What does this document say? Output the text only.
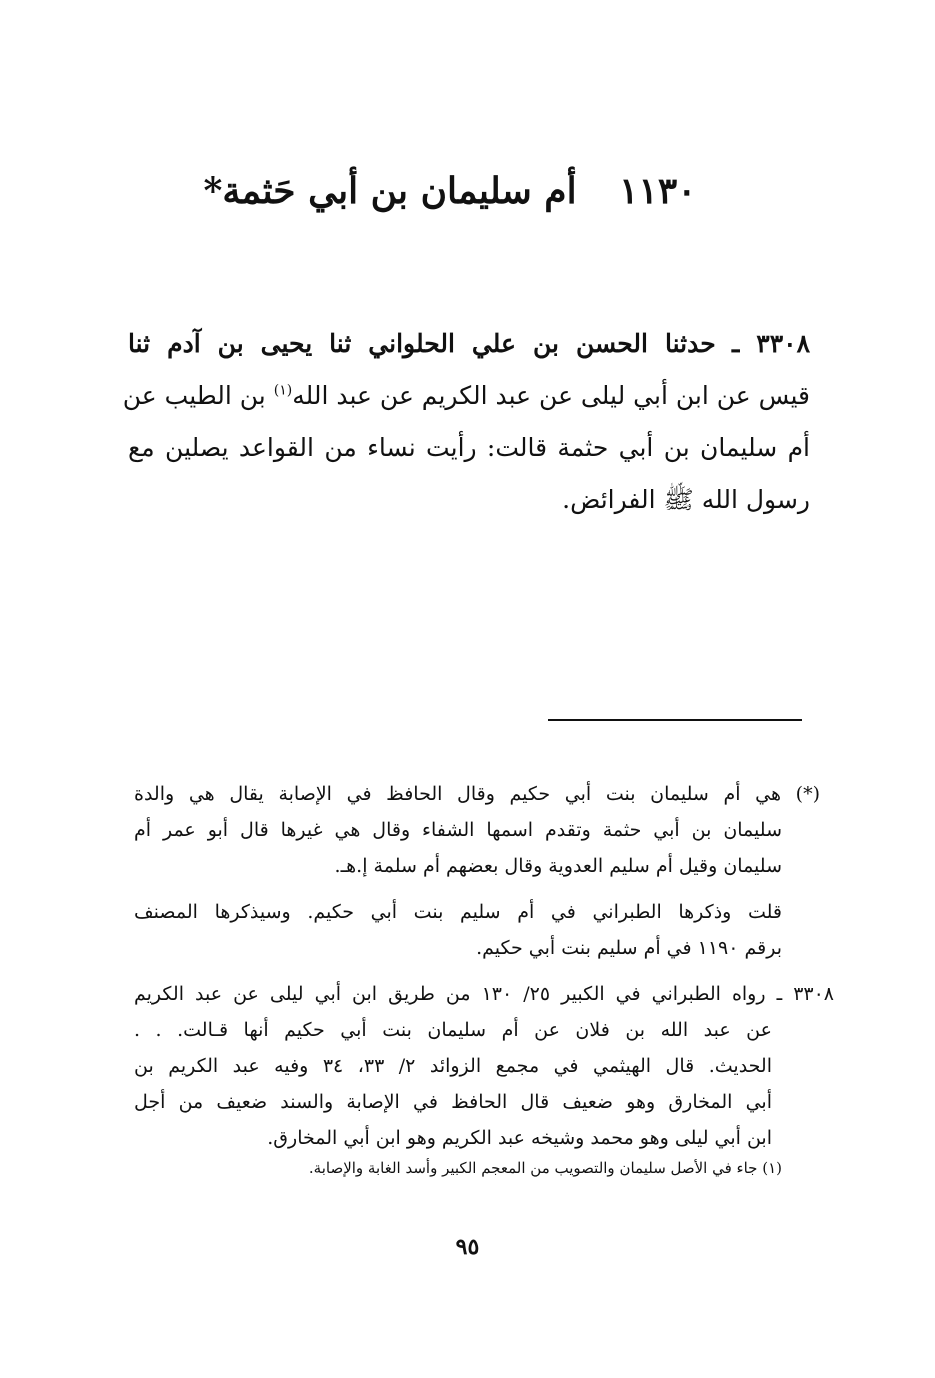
١١٣٠ أم سليمان بن أبي حَثمة*
٣٣٠٨ ـ حدثنا الحسن بن علي الحلواني ثنا يحيى بن آدم ثنا
قيس عن ابن أبي ليلى عن عبد الكريم عن عبد الله$^{(١)}$ بن الطيب عن
أم سليمان بن أبي حثمة قالت: رأيت نساء من القواعد يصلين مع
رسول الله ﷺ الفرائض.
(*) هي أم سليمان بنت أبي حكيم وقال الحافظ في الإصابة يقال هي والدة
سليمان بن أبي حثمة وتقدم اسمها الشفاء وقال هي غيرها قال أبو عمر أم
سليمان وقيل أم سليم العدوية وقال بعضهم أم سلمة إ.هـ.
قلت وذكرها الطبراني في أم سليم بنت أبي حكيم. وسيذكرها المصنف
برقم ١١٩٠ في أم سليم بنت أبي حكيم.
٣٣٠٨ ـ رواه الطبراني في الكبير ٢٥/ ١٣٠ من طريق ابن أبي ليلى عن عبد الكريم
عن عبد الله بن فلان عن أم سليمان بنت أبي حكيم أنها قـالت. . .
الحديث. قال الهيثمي في مجمع الزوائد ٢/ ٣٣، ٣٤ وفيه عبد الكريم بن
أبي المخارق وهو ضعيف قال الحافظ في الإصابة والسند ضعيف من أجل
ابن أبي ليلى وهو محمد وشيخه عبد الكريم وهو ابن أبي المخارق.
(١) جاء في الأصل سليمان والتصويب من المعجم الكبير وأسد الغابة والإصابة.
٩٥
